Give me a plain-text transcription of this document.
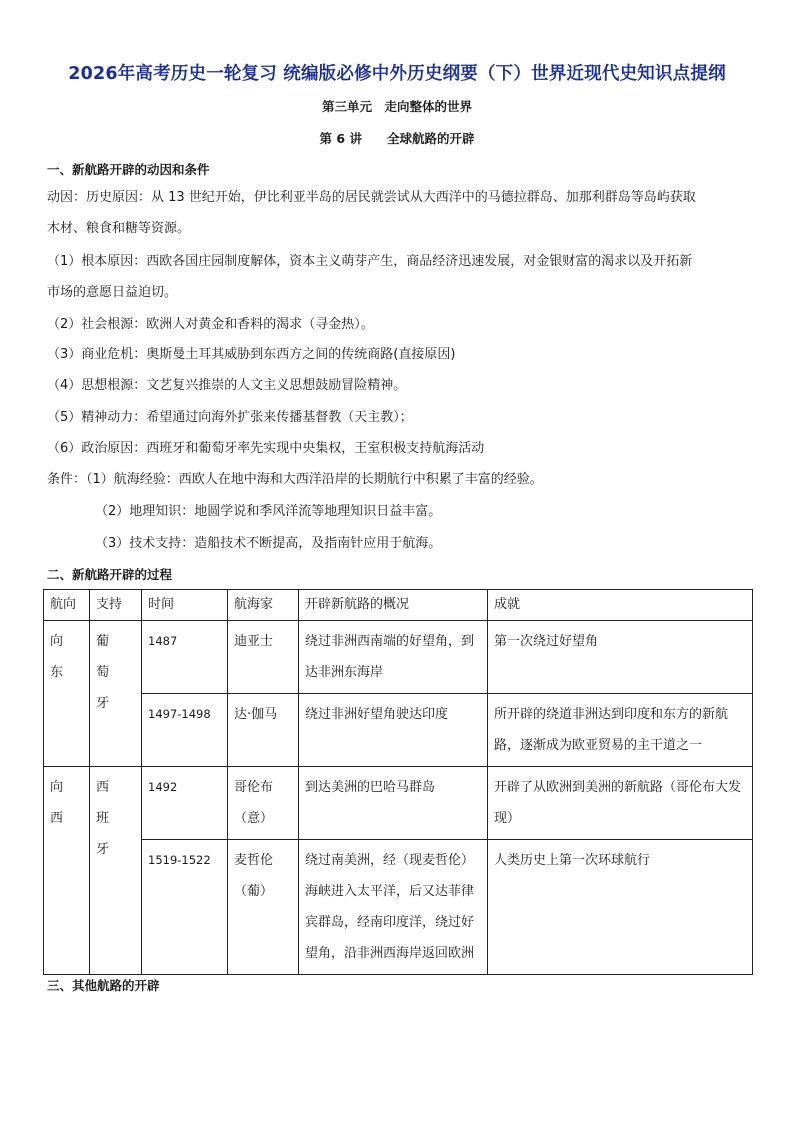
2026年高考历史一轮复习 统编版必修中外历史纲要（下）世界近现代史知识点提纲
第三单元　走向整体的世界
第 6 讲　　全球航路的开辟
一、新航路开辟的动因和条件
动因：历史原因：从 13 世纪开始，伊比利亚半岛的居民就尝试从大西洋中的马德拉群岛、加那利群岛等岛屿获取
木材、粮食和糖等资源。
（1）根本原因：西欧各国庄园制度解体，资本主义萌芽产生，商品经济迅速发展，对金银财富的渴求以及开拓新
市场的意愿日益迫切。
（2）社会根源：欧洲人对黄金和香料的渴求（寻金热）。
（3）商业危机：奥斯曼土耳其威胁到东西方之间的传统商路(直接原因)
（4）思想根源：文艺复兴推崇的人文主义思想鼓励冒险精神。
（5）精神动力：希望通过向海外扩张来传播基督教（天主教）；
（6）政治原因：西班牙和葡萄牙率先实现中央集权，王室积极支持航海活动
条件：（1）航海经验：西欧人在地中海和大西洋沿岸的长期航行中积累了丰富的经验。
（2）地理知识：地圆学说和季风洋流等地理知识日益丰富。
（3）技术支持：造船技术不断提高，及指南针应用于航海。
二、新航路开辟的过程
航向	支持	时间	航海家	开辟新航路的概况	成就

向东	葡萄牙	1487	迪亚士	绕过非洲西南端的好望角，到达非洲东海岸	第一次绕过好望角
		1497-1498	达·伽马	绕过非洲好望角驶达印度	所开辟的绕道非洲达到印度和东方的新航路，逐渐成为欧亚贸易的主干道之一

向西	西班牙	1492	哥伦布（意）	到达美洲的巴哈马群岛	开辟了从欧洲到美洲的新航路（哥伦布大发现）
		1519-1522	麦哲伦（葡）	绕过南美洲，经（现麦哲伦）海峡进入太平洋，后又达菲律宾群岛，经南印度洋，绕过好望角，沿非洲西海岸返回欧洲	人类历史上第一次环球航行
三、其他航路的开辟
